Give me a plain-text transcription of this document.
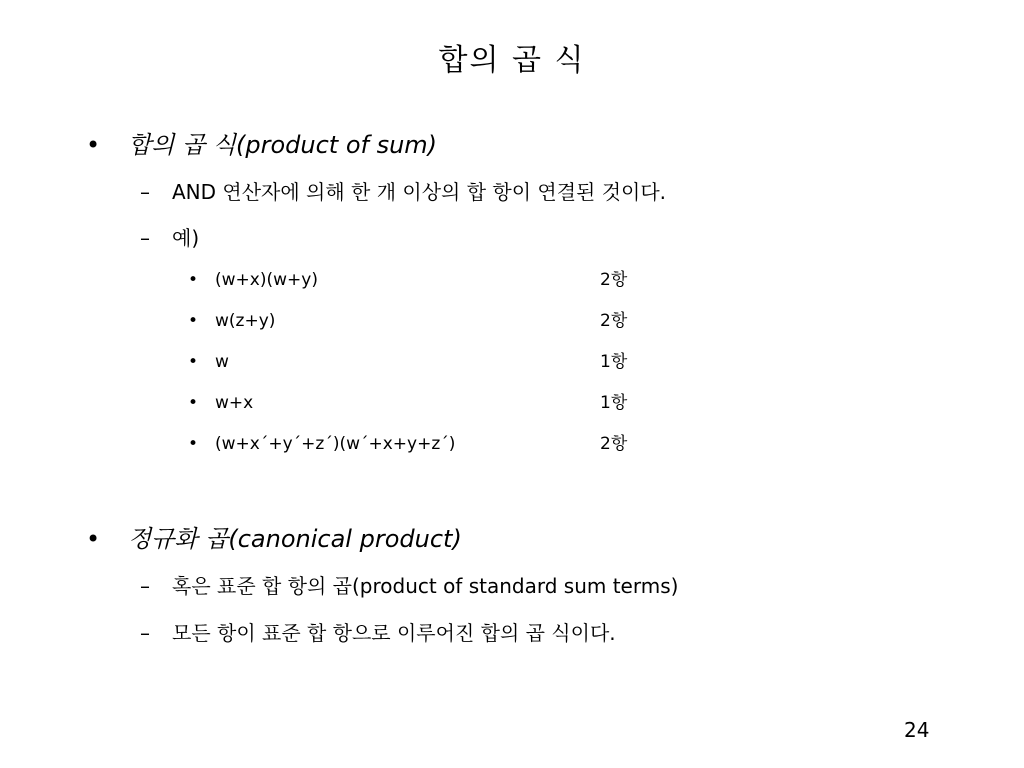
합의 곱 식
• 합의 곱 식(product of sum)
– AND 연산자에 의해 한 개 이상의 합 항이 연결된 것이다.
– 예)
• (w+x)(w+y)	2항
• w(z+y)	2항
• w	1항
• w+x	1항
• (w+x´+y´+z´)(w´+x+y+z´)	2항
• 정규화 곱(canonical product)
– 혹은 표준 합 항의 곱(product of standard sum terms)
– 모든 항이 표준 합 항으로 이루어진 합의 곱 식이다.
24
